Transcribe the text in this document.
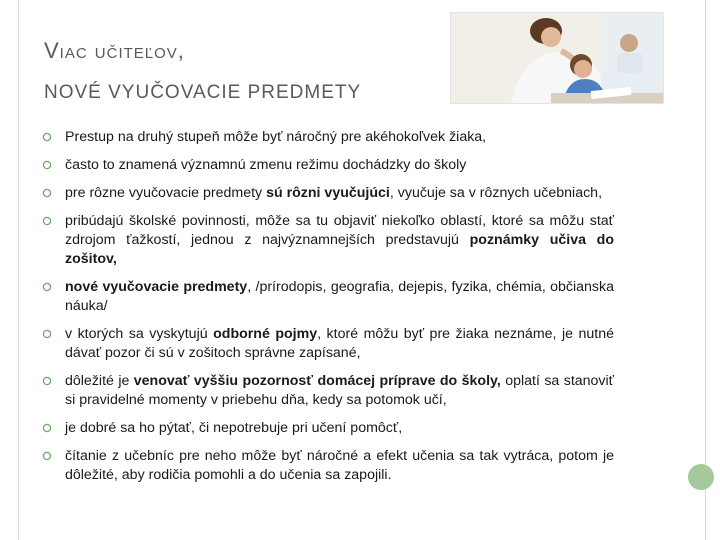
Viac učiteľov,
NOVÉ VYUČOVACIE PREDMETY
Prestup na druhý stupeň môže byť náročný pre akéhokoľvek žiaka,
často to znamená významnú zmenu režimu dochádzky do školy
pre rôzne vyučovacie predmety sú rôzni vyučujúci, vyučuje sa v rôznych učebniach,
pribúdajú školské povinnosti, môže sa tu objaviť niekoľko oblastí, ktoré sa môžu stať zdrojom ťažkostí, jednou z najvýznamnejších predstavujú poznámky učiva do zošitov,
nové vyučovacie predmety, /prírodopis, geografia, dejepis, fyzika, chémia, občianska náuka/
v ktorých sa vyskytujú odborné pojmy, ktoré môžu byť pre žiaka neznáme, je nutné dávať pozor či sú v zošitoch správne zapísané,
dôležité je venovať vyššiu pozornosť domácej príprave do školy, oplatí sa stanoviť si pravidelné momenty v priebehu dňa, kedy sa potomok učí,
je dobré sa ho pýtať, či nepotrebuje pri učení pomôcť,
čítanie z učebníc pre neho môže byť náročné a efekt učenia sa tak vytráca, potom je dôležité, aby rodičia pomohli a do učenia sa zapojili.
